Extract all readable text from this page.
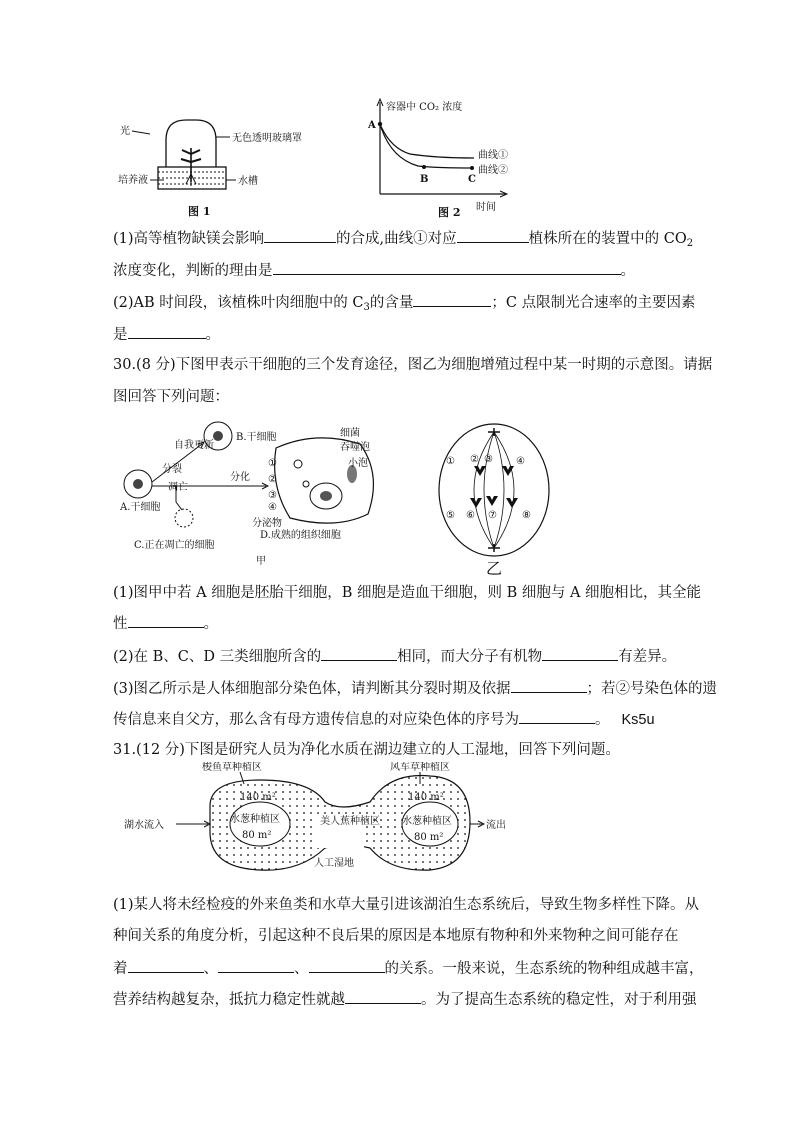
光
无色透明玻璃罩
培养液	水槽
图 1
容器中 CO₂ 浓度
A
B	C
曲线①
曲线②
时间
图 2
(1)高等植物缺镁会影响	的合成,曲线①对应	植株所在的装置中的 $CO_2$
浓度变化，判断的理由是	。
(2)AB 时间段，该植株叶肉细胞中的 $C_3$的含量	；C 点限制光合速率的主要因素
是	。
30.(8 分)下图甲表示干细胞的三个发育途径，图乙为细胞增殖过程中某一时期的示意图。请据
图回答下列问题：
A.干细胞
B.干细胞
自我更新
分裂
凋亡
分化
C.正在凋亡的细胞
①
②
③
④
细菌
吞噬泡
小泡
分泌物
D.成熟的组织细胞
甲
① ② ③ ④
⑤ ⑥ ⑦	⑧
乙
(1)图甲中若 A 细胞是胚胎干细胞，B 细胞是造血干细胞，则 B 细胞与 A 细胞相比，其全能
性	。
(2)在 B、C、D 三类细胞所含的	相同，而大分子有机物	有差异。
(3)图乙所示是人体细胞部分染色体，请判断其分裂时期及依据	；若②号染色体的遗
传信息来自父方，那么含有母方遗传信息的对应染色体的序号为	。 Ks5u
31.(12 分)下图是研究人员为净化水质在湖边建立的人工湿地，回答下列问题。
梭鱼草种植区	风车草种植区
140 m²	140 m²
水葱种植区
80 m²
美人蕉种植区 水葱种植区
80 m²
湖水流入	流出
人工湿地
(1)某人将未经检疫的外来鱼类和水草大量引进该湖泊生态系统后，导致生物多样性下降。从
种间关系的角度分析，引起这种不良后果的原因是本地原有物种和外来物种之间可能存在
着	、	、	的关系。一般来说，生态系统的物种组成越丰富，
营养结构越复杂，抵抗力稳定性就越	。为了提高生态系统的稳定性，对于利用强
